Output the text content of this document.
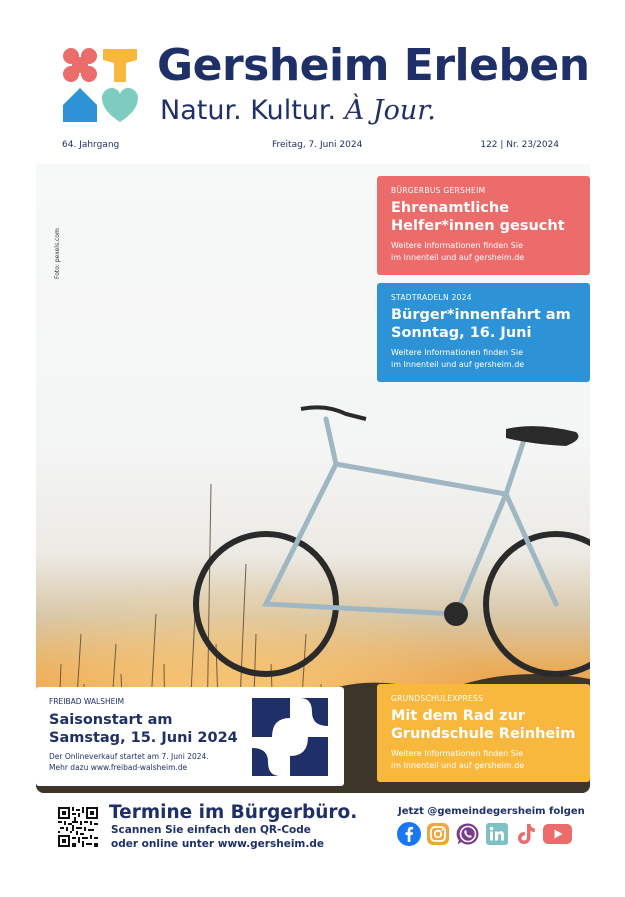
Gersheim Erleben
Natur. Kultur. À Jour.
64. Jahrgang	Freitag, 7. Juni 2024	122 | Nr. 23/2024
Foto: pexels.com
BÜRGERBUS GERSHEIM
Ehrenamtliche Helfer*innen gesucht
Weitere Informationen finden Sie
im Innenteil und auf gersheim.de
STADTRADELN 2024
Bürger*innenfahrt am Sonntag, 16. Juni
Weitere Informationen finden Sie
im Innenteil und auf gersheim.de
FREIBAD WALSHEIM
Saisonstart am Samstag, 15. Juni 2024
Der Onlineverkauf startet am 7. Juni 2024.
Mehr dazu www.freibad-walsheim.de
GRUNDSCHULEXPRESS
Mit dem Rad zur Grundschule Reinheim
Weitere Informationen finden Sie
im Innenteil und auf gersheim.de
Termine im Bürgerbüro.
Scannen Sie einfach den QR-Code
oder online unter www.gersheim.de
Jetzt @gemeindegersheim folgen
